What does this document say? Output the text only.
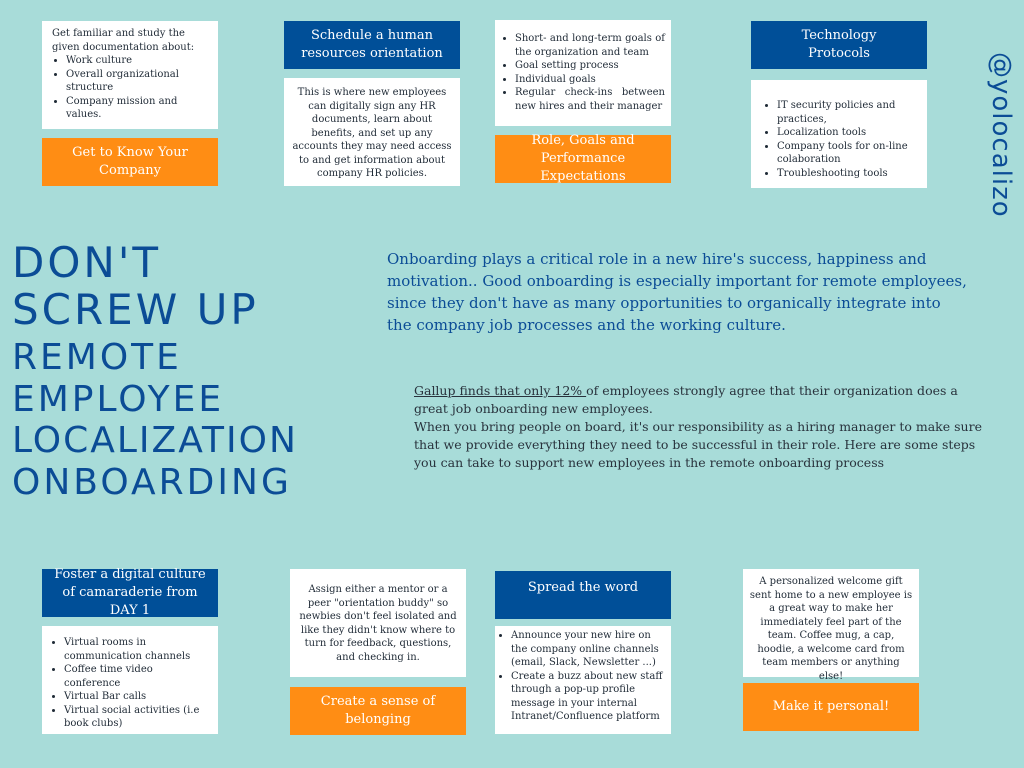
@yolocalizo
Get familiar and study the given documentation about:
• Work culture
• Overall organizational structure
• Company mission and values.
Get to Know Your Company
Schedule a human resources orientation
This is where new employees can digitally sign any HR documents, learn about benefits, and set up any accounts they may need access to and get information about company HR policies.
• Short- and long-term goals of the organization and team
• Goal setting process
• Individual goals
• Regular check-ins between new hires and their manager
Role, Goals and Performance Expectations
Technology Protocols
• IT security policies and practices,
• Localization tools
• Company tools for on-line colaboration
• Troubleshooting tools
DON'T
SCREW UP
REMOTE
EMPLOYEE
LOCALIZATION
ONBOARDING
Onboarding plays a critical role in a new hire's success, happiness and motivation.. Good onboarding is especially important for remote employees, since they don't have as many opportunities to organically integrate into the company job processes and the working culture.
Gallup finds that only 12% of employees strongly agree that their organization does a great job onboarding new employees.
When you bring people on board, it's our responsibility as a hiring manager to make sure that we provide everything they need to be successful in their role. Here are some steps you can take to support new employees in the remote onboarding process
Foster a digital culture of camaraderie from DAY 1
• Virtual rooms in communication channels
• Coffee time video conference
• Virtual Bar calls
• Virtual social activities (i.e book clubs)
Assign either a mentor or a peer "orientation buddy" so newbies don't feel isolated and like they didn't know where to turn for feedback, questions, and checking in.
Create a sense of belonging
Spread the word
• Announce your new hire on the company online channels (email, Slack, Newsletter ...)
• Create a buzz about new staff through a pop-up profile message in your internal Intranet/Confluence platform
A personalized welcome gift sent home to a new employee is a great way to make her immediately feel part of the team. Coffee mug, a cap, hoodie, a welcome card from team members or anything else!
Make it personal!
